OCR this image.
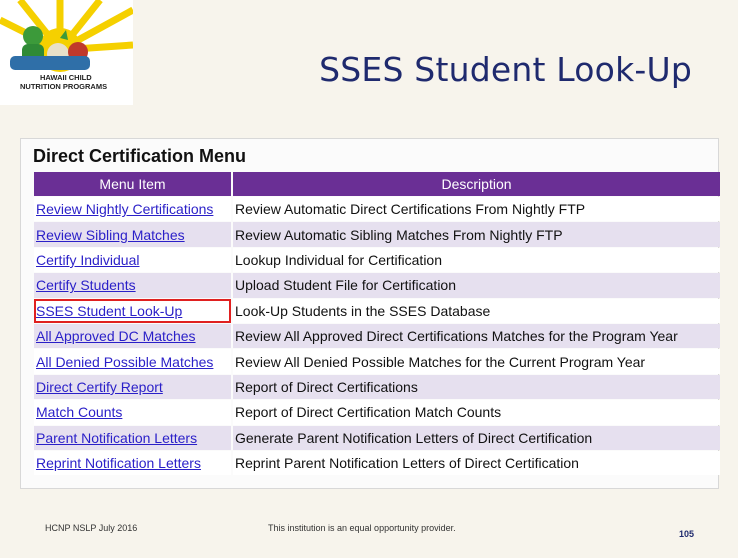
HAWAII CHILD
NUTRITION PROGRAMS	SSES Student Look-Up
Direct Certification Menu
Menu Item	Description
Review Nightly Certifications	Review Automatic Direct Certifications From Nightly FTP
Review Sibling Matches	Review Automatic Sibling Matches From Nightly FTP
Certify Individual	Lookup Individual for Certification
Certify Students	Upload Student File for Certification
SSES Student Look-Up	Look-Up Students in the SSES Database
All Approved DC Matches	Review All Approved Direct Certifications Matches for the Program Year
All Denied Possible Matches	Review All Denied Possible Matches for the Current Program Year
Direct Certify Report	Report of Direct Certifications
Match Counts	Report of Direct Certification Match Counts
Parent Notification Letters	Generate Parent Notification Letters of Direct Certification
Reprint Notification Letters	Reprint Parent Notification Letters of Direct Certification
HCNP NSLP July 2016	This institution is an equal opportunity provider.
105
